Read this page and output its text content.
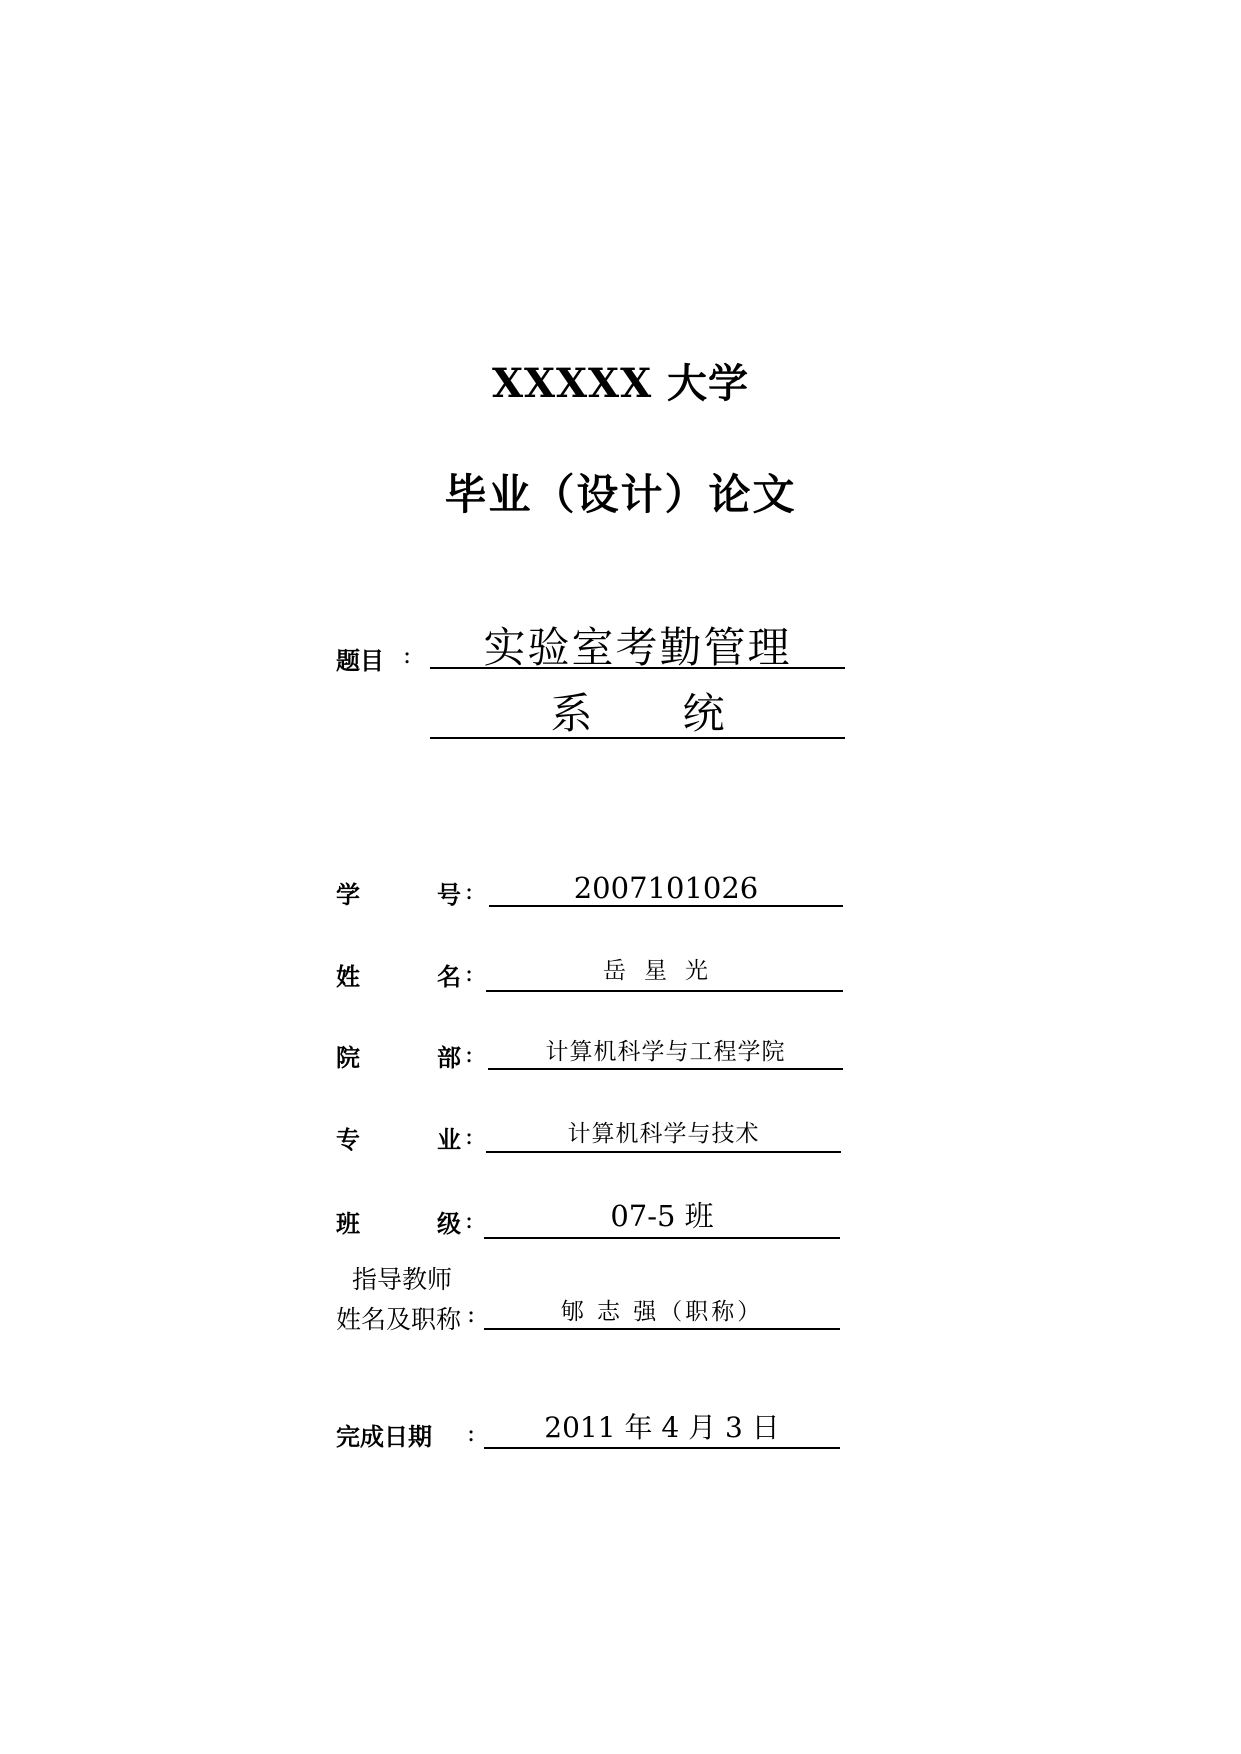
XXXXX 大学
毕业（设计）论文
题目 :	实验室考勤管理
系 统
学	号 :	2007101026
姓	名 :	岳星光
院	部 :	计算机科学与工程学院
专	业 :	计算机科学与技术
班	级 :	07-5 班
指导教师
姓名及职称 :	郇 志 强（职称）
完成日期 :	2011 年 4 月 3 日
